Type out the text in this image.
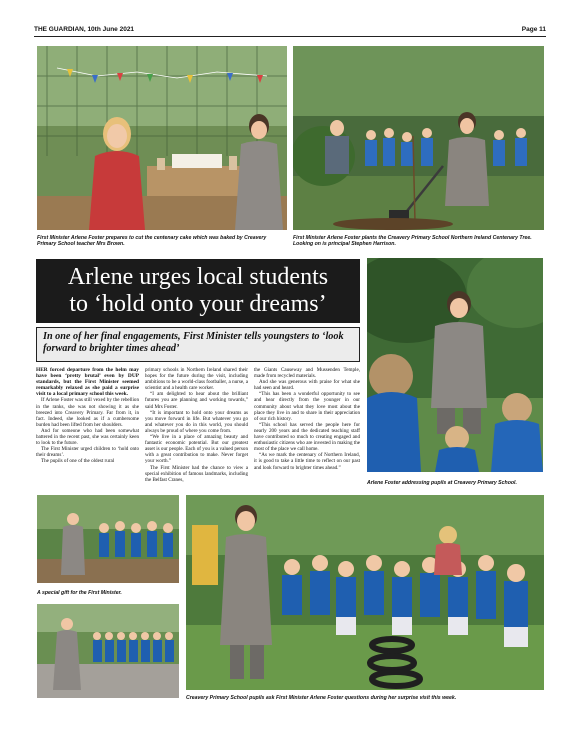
THE GUARDIAN, 10th June 2021	Page 11
First Minister Arlene Foster prepares to cut the centenary cake which was baked by Creavery Primary School teacher Mrs Brown.
First Minister Arlene Foster plants the Creavery Primary School Northern Ireland Centenary Tree. Looking on is principal Stephen Harrison.
Arlene urges local students
to ‘hold onto your dreams’
In one of her final engagements, First Minister tells youngsters to ‘look forward to brighter times ahead’

HER forced departure from the helm may have been ‘pretty brutal’ even by DUP standards, but the First Minister seemed remarkably relaxed as she paid a surprise visit to a local primary school this week.

If Arlene Foster was still vexed by the rebellion in the ranks, she was not showing it as she breezed into Creavery Primary. Far from it, in fact. Indeed, she looked as if a cumbersome burden had been lifted from her shoulders.

And for someone who had been somewhat battered in the recent past, she was certainly keen to look to the future.

The First Minister urged children to ‘hold onto their dreams’.

The pupils of one of the oldest rural

primary schools in Northern Ireland shared their hopes for the future during the visit, including ambitions to be a world-class footballer, a nurse, a scientist and a health care worker.

“I am delighted to hear about the brilliant futures you are planning and working towards,” said Mrs Foster.

“It is important to hold onto your dreams as you move forward in life. But whatever you go and whatever you do in this world, you should always be proud of where you come from.

“We live in a place of amazing beauty and fantastic economic potential. But our greatest asset is our people. Each of you is a valued person with a great contribution to make. Never forget your worth.”

The First Minister had the chance to view a special exhibition of famous landmarks, including the Belfast Cranes,

the Giants Causeway and Mussenden Temple, made from recycled materials.

And she was generous with praise for what she had seen and heard.

“This has been a wonderful opportunity to see and hear directly from the younger in our community about what they love most about the place they live in and to share in their appreciation of our rich history.

“This school has served the people here for nearly 200 years and the dedicated teaching staff have contributed so much to creating engaged and enthusiastic citizens who are invested in making the most of the place we call home.

“As we mark the centenary of Northern Ireland, it is good to take a little time to reflect on our past and look forward to brighter times ahead.”

Arlene Foster addressing pupils at Creavery Primary School.
A special gift for the First Minister.
Creavery Primary School pupils ask First Minister Arlene Foster questions during her surprise visit this week.
